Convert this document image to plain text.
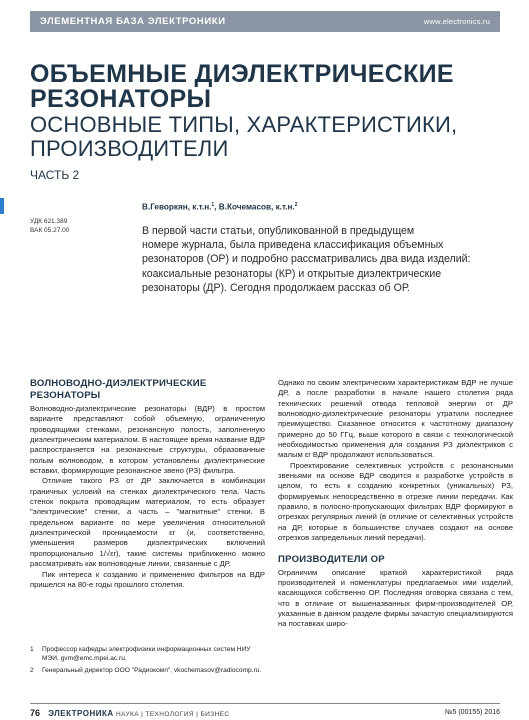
ЭЛЕМЕНТНАЯ БАЗА ЭЛЕКТРОНИКИ	www.electronics.ru
ОБЪЕМНЫЕ ДИЭЛЕКТРИЧЕСКИЕ
РЕЗОНАТОРЫ
ОСНОВНЫЕ ТИПЫ, ХАРАКТЕРИСТИКИ,
ПРОИЗВОДИТЕЛИ
ЧАСТЬ 2
УДК 621.389
ВАК 05.27.00
В.Геворкян, к.т.н.$^1$, В.Кочемасов, к.т.н.$^2$
В первой части статьи, опубликованной в предыдущем
номере журнала, была приведена классификация объемных
резонаторов (ОР) и подробно рассматривались два вида изделий:
коаксиальные резонаторы (КР) и открытые диэлектрические
резонаторы (ДР). Сегодня продолжаем рассказ об ОР.
ВОЛНОВОДНО-ДИЭЛЕКТРИЧЕСКИЕ РЕЗОНАТОРЫ

Волноводно-диэлектрические резонаторы (ВДР) в простом варианте представляют собой объемную, ограниченную проводящими стенками, резонансную полость, заполненную диэлектрическим материалом. В настоящее время название ВДР распространяется на резонансные структуры, образованные полым волноводом, в котором установлены диэлектрические вставки, формирующие резонансное звено (РЗ) фильтра.

Отличие такого РЗ от ДР заключается в комбинации граничных условий на стенках диэлектрического тела. Часть стенок покрыта проводящим материалом, то есть образует "электрические" стенки, а часть – "магнитные" стенки. В предельном варианте по мере увеличения относительной диэлектрической проницаемости εr (и, соответственно, уменьшения размеров диэлектрических включений пропорционально 1/√εr), такие системы приближенно можно рассматривать как волноводные линии, связанные с ДР.

Пик интереса к созданию и применению фильтров на ВДР пришелся на 80-е годы прошлого столетия.

Однако по своим электрическим характеристикам ВДР не лучше ДР, а после разработки в начале нашего столетия ряда технических решений отвода тепловой энергии от ДР волноводно-диэлектрические резонаторы утратили последнее преимущество. Сказанное относится к частотному диапазону примерно до 50 ГГц, выше которого в связи с технологической необходимостью применения для создания РЗ диэлектриков с малым εr ВДР продолжают использоваться.

Проектирование селективных устройств с резонансными звеньями на основе ВДР сводится к разработке устройств в целом, то есть к созданию конкретных (уникальных) РЗ, формируемых непосредственно в отрезке линии передачи. Как правило, в полосно-пропускающих фильтрах ВДР формируют в отрезках регулярных линий (в отличие от селективных устройств на ДР, которые в большинстве случаев создают на основе отрезков запредельных линий передачи).

ПРОИЗВОДИТЕЛИ ОР

Ограничим описание краткой характеристикой ряда производителей и номенклатуры предлагаемых ими изделий, касающихся собственно ОР. Последняя оговорка связана с тем, что в отличие от вышеназванных фирм-производителей ОР, указанные в данном разделе фирмы зачастую специализируются на поставках широ-

1	Профессор кафедры электрофизики информационных систем НИУ МЭИ, gvm@emc.mpei.ac.ru.
2	Генеральный директор ООО "Радиокомп", vkochemasov@radiocomp.ru.
76 ЭЛЕКТРОНИКА НАУКА | ТЕХНОЛОГИЯ | БИЗНЕС	№5 (00155) 2016
